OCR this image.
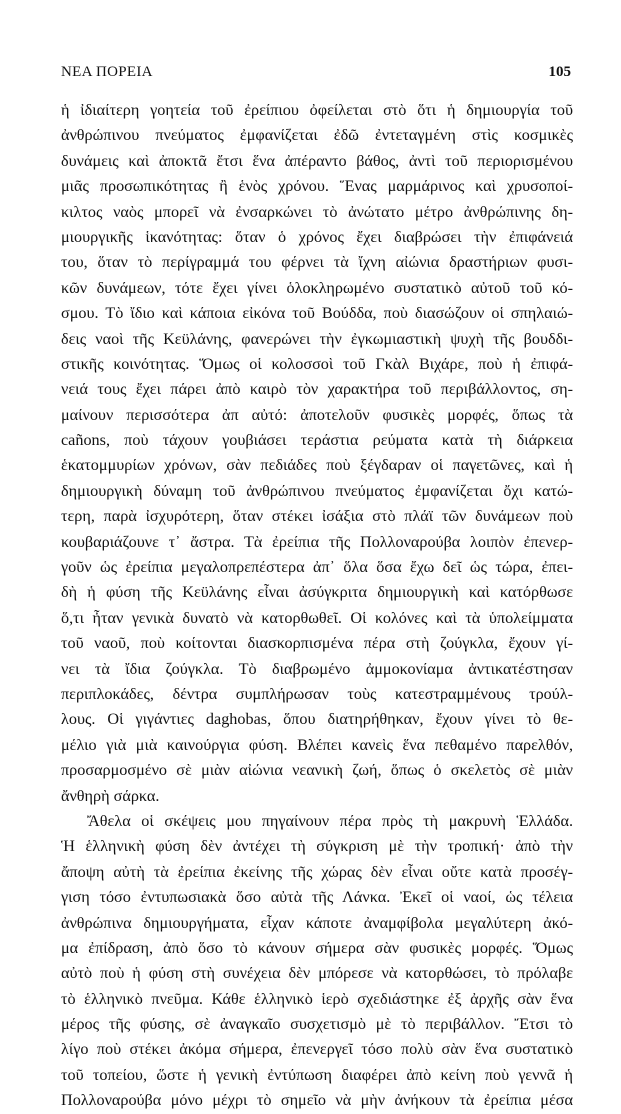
ΝΕΑ ΠΟΡΕΙΑ	105
ἡ ἰδιαίτερη γοητεία τοῦ ἐρείπιου ὀφείλεται στὸ ὅτι ἡ δημιουργία τοῦ
ἀνθρώπινου πνεύματος ἐμφανίζεται ἐδῶ ἐντεταγμένη στὶς κοσμικὲς
δυνάμεις καὶ ἀποκτᾶ ἔτσι ἕνα ἀπέραντο βάθος, ἀντὶ τοῦ περιορισμένου
μιᾶς προσωπικότητας ἢ ἑνὸς χρόνου. Ἕνας μαρμάρινος καὶ χρυσοποί-
κιλτος ναὸς μπορεῖ νὰ ἐνσαρκώνει τὸ ἀνώτατο μέτρο ἀνθρώπινης δη-
μιουργικῆς ἱκανότητας: ὅταν ὁ χρόνος ἔχει διαβρώσει τὴν ἐπιφάνειά
του, ὅταν τὸ περίγραμμά του φέρνει τὰ ἴχνη αἰώνια δραστήριων φυσι-
κῶν δυνάμεων, τότε ἔχει γίνει ὁλοκληρωμένο συστατικὸ αὐτοῦ τοῦ κό-
σμου. Τὸ ἴδιο καὶ κάποια εἰκόνα τοῦ Βούδδα, ποὺ διασώζουν οἱ σπηλαιώ-
δεις ναοὶ τῆς Κεϋλάνης, φανερώνει τὴν ἐγκωμιαστικὴ ψυχὴ τῆς βουδδι-
στικῆς κοινότητας. Ὅμως οἱ κολοσσοὶ τοῦ Γκὰλ Βιχάρε, ποὺ ἡ ἐπιφά-
νειά τους ἔχει πάρει ἀπὸ καιρὸ τὸν χαρακτήρα τοῦ περιβάλλοντος, ση-
μαίνουν περισσότερα ἀπ αὐτό: ἀποτελοῦν φυσικὲς μορφές, ὅπως τὰ
cañons, ποὺ τάχουν γουβιάσει τεράστια ρεύματα κατὰ τὴ διάρκεια
ἑκατομμυρίων χρόνων, σὰν πεδιάδες ποὺ ξέγδαραν οἱ παγετῶνες, καὶ ἡ
δημιουργικὴ δύναμη τοῦ ἀνθρώπινου πνεύματος ἐμφανίζεται ὄχι κατώ-
τερη, παρὰ ἰσχυρότερη, ὅταν στέκει ἰσάξια στὸ πλάϊ τῶν δυνάμεων ποὺ
κουβαριάζουνε τ᾽ ἄστρα. Τὰ ἐρείπια τῆς Πολλοναρούβα λοιπὸν ἐπενερ-
γοῦν ὡς ἐρείπια μεγαλοπρεπέστερα ἀπ᾽ ὅλα ὅσα ἔχω δεῖ ὡς τώρα, ἐπει-
δὴ ἡ φύση τῆς Κεϋλάνης εἶναι ἀσύγκριτα δημιουργικὴ καὶ κατόρθωσε
ὅ,τι ἦταν γενικὰ δυνατὸ νὰ κατορθωθεῖ. Οἱ κολόνες καὶ τὰ ὑπολείμματα
τοῦ ναοῦ, ποὺ κοίτονται διασκορπισμένα πέρα στὴ ζούγκλα, ἔχουν γί-
νει τὰ ἴδια ζούγκλα. Τὸ διαβρωμένο ἀμμοκονίαμα ἀντικατέστησαν
περιπλοκάδες, δέντρα συμπλήρωσαν τοὺς κατεστραμμένους τρούλ-
λους. Οἱ γιγάντιες daghobas, ὅπου διατηρήθηκαν, ἔχουν γίνει τὸ θε-
μέλιο γιὰ μιὰ καινούργια φύση. Βλέπει κανεὶς ἕνα πεθαμένο παρελθόν,
προσαρμοσμένο σὲ μιὰν αἰώνια νεανικὴ ζωή, ὅπως ὁ σκελετὸς σὲ μιὰν
ἄνθηρὴ σάρκα.
Ἄθελα οἱ σκέψεις μου πηγαίνουν πέρα πρὸς τὴ μακρυνὴ Ἑλλάδα.
Ἡ ἑλληνικὴ φύση δὲν ἀντέχει τὴ σύγκριση μὲ τὴν τροπική· ἀπὸ τὴν
ἄποψη αὐτὴ τὰ ἐρείπια ἐκείνης τῆς χώρας δὲν εἶναι οὔτε κατὰ προσέγ-
γιση τόσο ἐντυπωσιακὰ ὅσο αὐτὰ τῆς Λάνκα. Ἐκεῖ οἱ ναοί, ὡς τέλεια
ἀνθρώπινα δημιουργήματα, εἶχαν κάποτε ἀναμφίβολα μεγαλύτερη ἀκό-
μα ἐπίδραση, ἀπὸ ὅσο τὸ κάνουν σήμερα σὰν φυσικὲς μορφές. Ὅμως
αὐτὸ ποὺ ἡ φύση στὴ συνέχεια δὲν μπόρεσε νὰ κατορθώσει, τὸ πρόλαβε
τὸ ἑλληνικὸ πνεῦμα. Κάθε ἑλληνικὸ ἱερὸ σχεδιάστηκε ἐξ ἀρχῆς σὰν ἕνα
μέρος τῆς φύσης, σὲ ἀναγκαῖο συσχετισμὸ μὲ τὸ περιβάλλον. Ἔτσι τὸ
λίγο ποὺ στέκει ἀκόμα σήμερα, ἐπενεργεῖ τόσο πολὺ σὰν ἕνα συστατικὸ
τοῦ τοπείου, ὥστε ἡ γενικὴ ἐντύπωση διαφέρει ἀπὸ κείνη ποὺ γεννᾶ ἡ
Πολλοναρούβα μόνο μέχρι τὸ σημεῖο νὰ μὴν ἀνήκουν τὰ ἐρείπια μέσα
